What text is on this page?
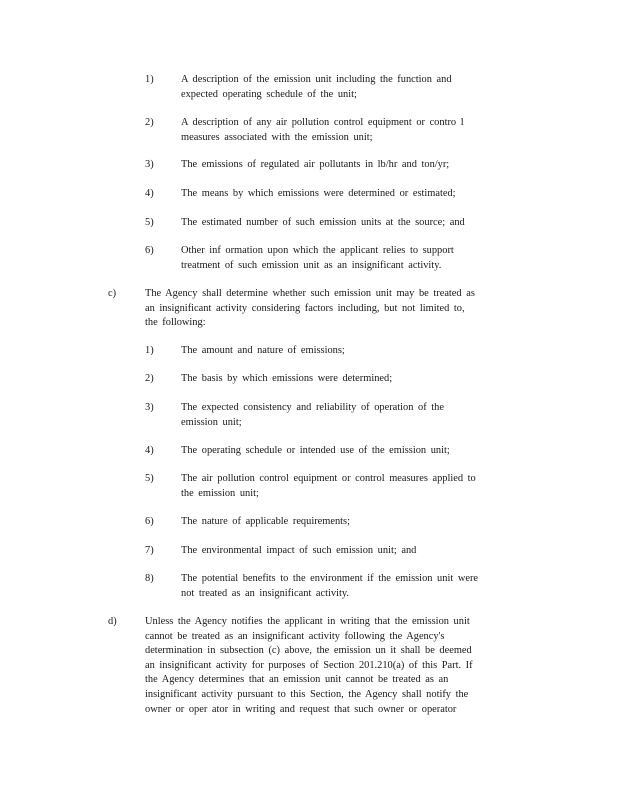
1)	A description of the emission unit including the function and
expected operating schedule of the unit;
2)	A description of any air pollution control equipment or contro l
measures associated with the emission unit;
3)	The emissions of regulated air pollutants in lb/hr and ton/yr;
4)	The means by which emissions were determined or estimated;
5)	The estimated number of such emission units at the source; and
6)	Other inf ormation upon which the applicant relies to support
treatment of such emission unit as an insignificant activity.
c)	The Agency shall determine whether such emission unit may be treated as
an insignificant activity considering factors including, but not limited to,
the following:
1)	The amount and nature of emissions;
2)	The basis by which emissions were determined;
3)	The expected consistency and reliability of operation of the
emission unit;
4)	The operating schedule or intended use of the emission unit;
5)	The air pollution control equipment or control measures applied to
the emission unit;
6)	The nature of applicable requirements;
7)	The environmental impact of such emission unit; and
8)	The potential benefits to the environment if the emission unit were
not treated as an insignificant activity.
d)	Unless the Agency notifies the applicant in writing that the emission unit
cannot be treated as an insignificant activity following the Agency's
determination in subsection (c) above, the emission un it shall be deemed
an insignificant activity for purposes of Section 201.210(a) of this Part. If
the Agency determines that an emission unit cannot be treated as an
insignificant activity pursuant to this Section, the Agency shall notify the
owner or oper ator in writing and request that such owner or operator
